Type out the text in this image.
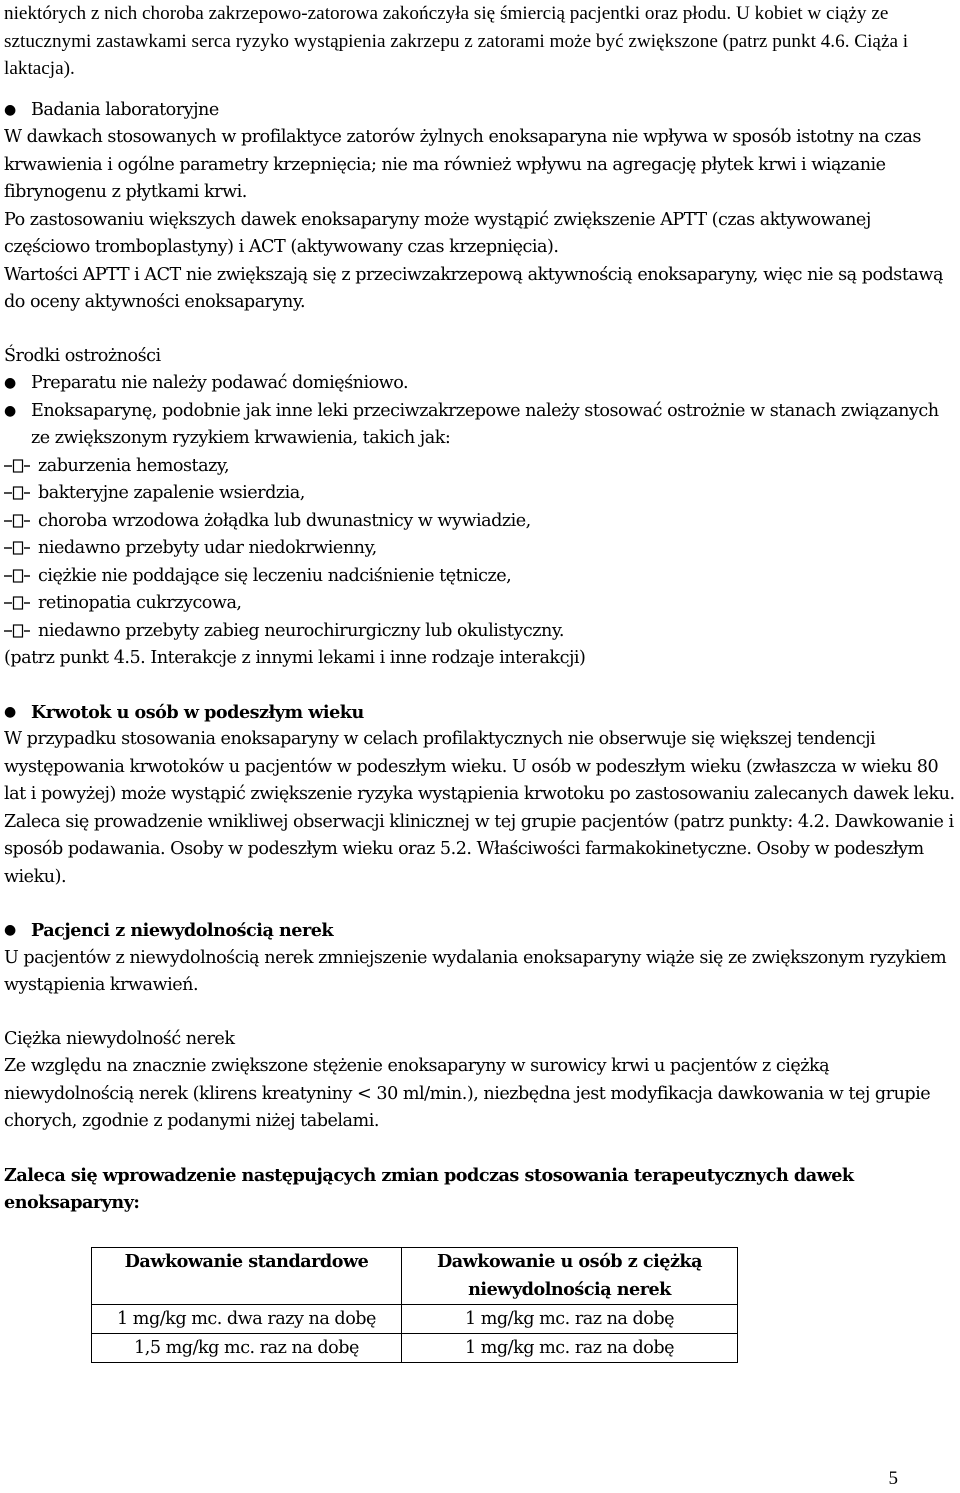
niektórych z nich choroba zakrzepowo-zatorowa zakończyła się śmiercią pacjentki oraz płodu. U kobiet w ciąży ze sztucznymi zastawkami serca ryzyko wystąpienia zakrzepu z zatorami może być zwiększone (patrz punkt 4.6. Ciąża i laktacja).

● Badania laboratoryjne

W dawkach stosowanych w profilaktyce zatorów żylnych enoksaparyna nie wpływa w sposób istotny na czas krwawienia i ogólne parametry krzepnięcia; nie ma również wpływu na agregację płytek krwi i wiązanie fibrynogenu z płytkami krwi.

Po zastosowaniu większych dawek enoksaparyny może wystąpić zwiększenie APTT (czas aktywowanej częściowo tromboplastyny) i ACT (aktywowany czas krzepnięcia).

Wartości APTT i ACT nie zwiększają się z przeciwzakrzepową aktywnością enoksaparyny, więc nie są podstawą do oceny aktywności enoksaparyny.

Środki ostrożności

● Preparatu nie należy podawać domięśniowo.
● Enoksaparynę, podobnie jak inne leki przeciwzakrzepowe należy stosować ostrożnie w stanach związanych ze zwiększonym ryzykiem krwawienia, takich jak:
zaburzenia hemostazy,
bakteryjne zapalenie wsierdzia,
choroba wrzodowa żołądka lub dwunastnicy w wywiadzie,
niedawno przebyty udar niedokrwienny,
ciężkie nie poddające się leczeniu nadciśnienie tętnicze,
retinopatia cukrzycowa,
niedawno przebyty zabieg neurochirurgiczny lub okulistyczny.

(patrz punkt 4.5. Interakcje z innymi lekami i inne rodzaje interakcji)

● Krwotok u osób w podeszłym wieku

W przypadku stosowania enoksaparyny w celach profilaktycznych nie obserwuje się większej tendencji występowania krwotoków u pacjentów w podeszłym wieku. U osób w podeszłym wieku (zwłaszcza w wieku 80 lat i powyżej) może wystąpić zwiększenie ryzyka wystąpienia krwotoku po zastosowaniu zalecanych dawek leku. Zaleca się prowadzenie wnikliwej obserwacji klinicznej w tej grupie pacjentów (patrz punkty: 4.2. Dawkowanie i sposób podawania. Osoby w podeszłym wieku oraz 5.2. Właściwości farmakokinetyczne. Osoby w podeszłym wieku).

● Pacjenci z niewydolnością nerek

U pacjentów z niewydolnością nerek zmniejszenie wydalania enoksaparyny wiąże się ze zwiększonym ryzykiem wystąpienia krwawień.

Ciężka niewydolność nerek

Ze względu na znacznie zwiększone stężenie enoksaparyny w surowicy krwi u pacjentów z ciężką niewydolnością nerek (klirens kreatyniny < 30 ml/min.), niezbędna jest modyfikacja dawkowania w tej grupie chorych, zgodnie z podanymi niżej tabelami.

Zaleca się wprowadzenie następujących zmian podczas stosowania terapeutycznych dawek enoksaparyny:

Dawkowanie standardowe	Dawkowanie u osób z ciężką niewydolnością nerek
1 mg/kg mc. dwa razy na dobę	1 mg/kg mc. raz na dobę
1,5 mg/kg mc. raz na dobę	1 mg/kg mc. raz na dobę
5
